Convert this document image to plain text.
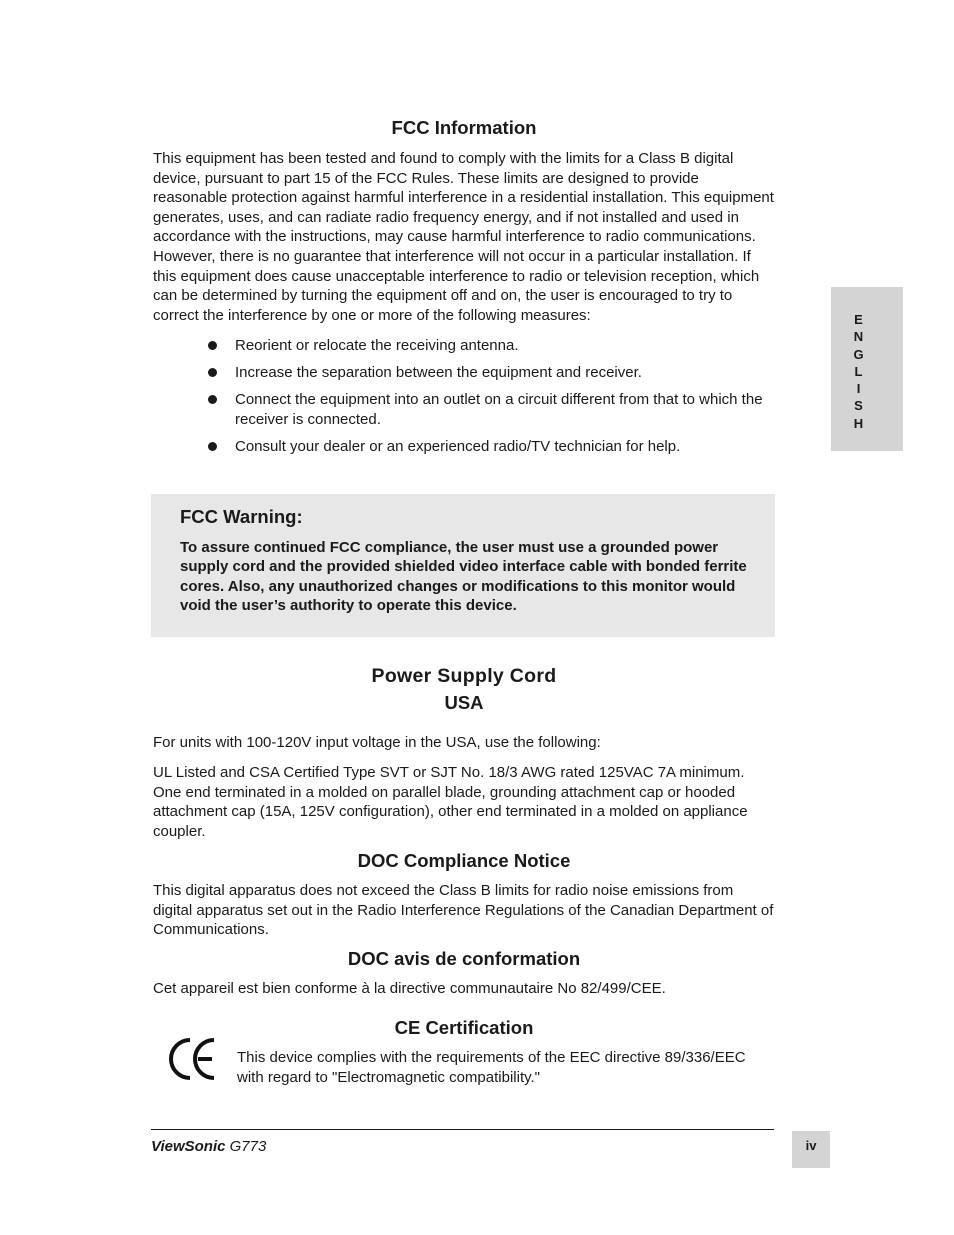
FCC Information

This equipment has been tested and found to comply with the limits for a Class B digital device, pursuant to part 15 of the FCC Rules. These limits are designed to provide reasonable protection against harmful interference in a residential installation. This equipment generates, uses, and can radiate radio frequency energy, and if not installed and used in accordance with the instructions, may cause harmful interference to radio communications. However, there is no guarantee that interference will not occur in a particular installation. If this equipment does cause unacceptable interference to radio or television reception, which can be determined by turning the equipment off and on, the user is encouraged to try to correct the interference by one or more of the following measures:

Reorient or relocate the receiving antenna.
Increase the separation between the equipment and receiver.
Connect the equipment into an outlet on a circuit different from that to which the receiver is connected.
Consult your dealer or an experienced radio/TV technician for help.
FCC Warning:
To assure continued FCC compliance, the user must use a grounded power supply cord and the provided shielded video interface cable with bonded ferrite cores. Also, any unauthorized changes or modifications to this monitor would void the user’s authority to operate this device.
Power Supply Cord
USA

For units with 100-120V input voltage in the USA, use the following:

UL Listed and CSA Certified Type SVT or SJT No. 18/3 AWG rated 125VAC 7A minimum. One end terminated in a molded on parallel blade, grounding attachment cap or hooded attachment cap (15A, 125V configuration), other end terminated in a molded on appliance coupler.

DOC Compliance Notice

This digital apparatus does not exceed the Class B limits for radio noise emissions from digital apparatus set out in the Radio Interference Regulations of the Canadian Department of Communications.

DOC avis de conformation

Cet appareil est bien conforme à la directive communautaire No 82/499/CEE.

CE Certification

This device complies with the requirements of the EEC directive 89/336/EEC with regard to "Electromagnetic compatibility."

ViewSonic G773	iv
E
N
G
L
I
S
H
